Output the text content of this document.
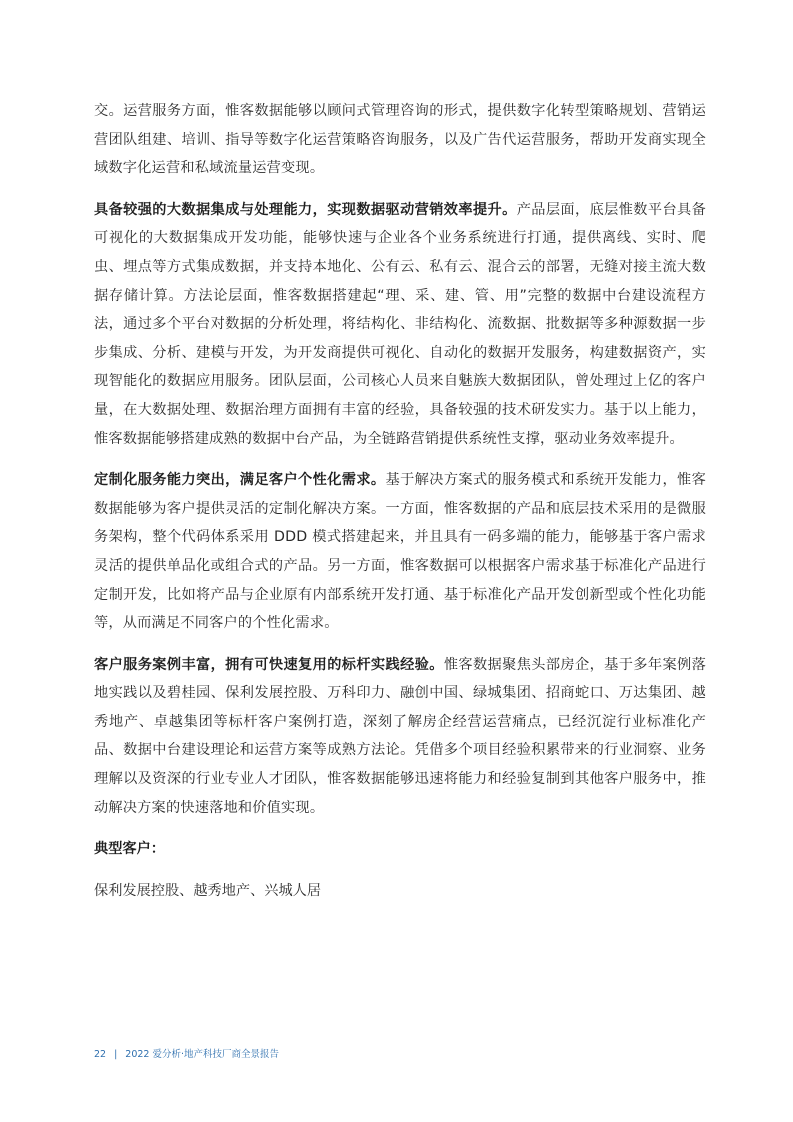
交。运营服务方面，惟客数据能够以顾问式管理咨询的形式，提供数字化转型策略规划、营销运营团队组建、培训、指导等数字化运营策略咨询服务，以及广告代运营服务，帮助开发商实现全域数字化运营和私域流量运营变现。

具备较强的大数据集成与处理能力，实现数据驱动营销效率提升。产品层面，底层惟数平台具备可视化的大数据集成开发功能，能够快速与企业各个业务系统进行打通，提供离线、实时、爬虫、埋点等方式集成数据，并支持本地化、公有云、私有云、混合云的部署，无缝对接主流大数据存储计算。方法论层面，惟客数据搭建起“理、采、建、管、用”完整的数据中台建设流程方法，通过多个平台对数据的分析处理，将结构化、非结构化、流数据、批数据等多种源数据一步步集成、分析、建模与开发，为开发商提供可视化、自动化的数据开发服务，构建数据资产，实现智能化的数据应用服务。团队层面，公司核心人员来自魅族大数据团队，曾处理过上亿的客户量，在大数据处理、数据治理方面拥有丰富的经验，具备较强的技术研发实力。基于以上能力，惟客数据能够搭建成熟的数据中台产品，为全链路营销提供系统性支撑，驱动业务效率提升。

定制化服务能力突出，满足客户个性化需求。基于解决方案式的服务模式和系统开发能力，惟客数据能够为客户提供灵活的定制化解决方案。一方面，惟客数据的产品和底层技术采用的是微服务架构，整个代码体系采用 DDD 模式搭建起来，并且具有一码多端的能力，能够基于客户需求灵活的提供单品化或组合式的产品。另一方面，惟客数据可以根据客户需求基于标准化产品进行定制开发，比如将产品与企业原有内部系统开发打通、基于标准化产品开发创新型或个性化功能等，从而满足不同客户的个性化需求。

客户服务案例丰富，拥有可快速复用的标杆实践经验。惟客数据聚焦头部房企，基于多年案例落地实践以及碧桂园、保利发展控股、万科印力、融创中国、绿城集团、招商蛇口、万达集团、越秀地产、卓越集团等标杆客户案例打造，深刻了解房企经营运营痛点，已经沉淀行业标准化产品、数据中台建设理论和运营方案等成熟方法论。凭借多个项目经验积累带来的行业洞察、业务理解以及资深的行业专业人才团队，惟客数据能够迅速将能力和经验复制到其他客户服务中，推动解决方案的快速落地和价值实现。

典型客户：

保利发展控股、越秀地产、兴城人居

22 | 2022 爱分析·地产科技厂商全景报告
